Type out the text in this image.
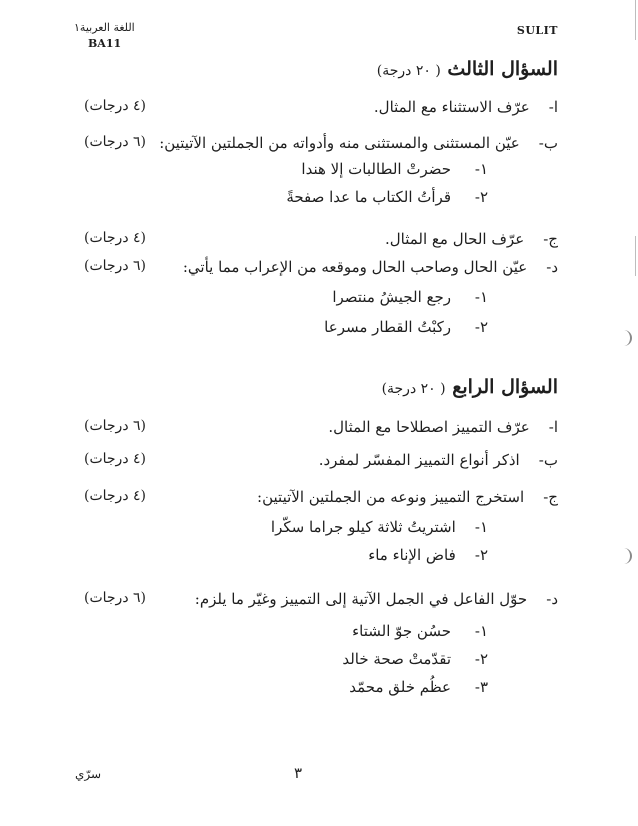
اللغة العربية١
BA11
SULIT
السؤال الثالث ( ٢٠ درجة)
ا-    عرّف الاستثناء مع المثال.
(٤ درجات)
ب-    عيّن المستثنى والمستثنى منه وأدواته من الجملتين الآتيتين:
(٦ درجات)
١-     حضرتْ الطالبات إلا هندا
٢-     قرأتُ الكتاب ما عدا صفحةً
ج-    عرّف الحال مع المثال.
(٤ درجات)
د-    عيّن الحال وصاحب الحال وموقعه من الإعراب مما يأتي:
(٦ درجات)
١-     رجع الجيشُ منتصرا
٢-     ركبْتُ القطار مسرعا
السؤال الرابع ( ٢٠ درجة)
ا-    عرّف التمييز اصطلاحا مع المثال.
(٦ درجات)
ب-    اذكر أنواع التمييز المفسّر لمفرد.
(٤ درجات)
ج-    استخرج التمييز ونوعه من الجملتين الآتيتين:
(٤ درجات)
١-    اشتريتُ ثلاثة كيلو جراما سكّرا
٢-    فاض الإناء ماء
د-    حوّل الفاعل في الجمل الآتية إلى التمييز وغيّر ما يلزم:
(٦ درجات)
١-     حسُن جوّ الشتاء
٢-     تقدّمتْ صحة خالد
٣-     عظُم خلق محمّد
٣
سرّي
